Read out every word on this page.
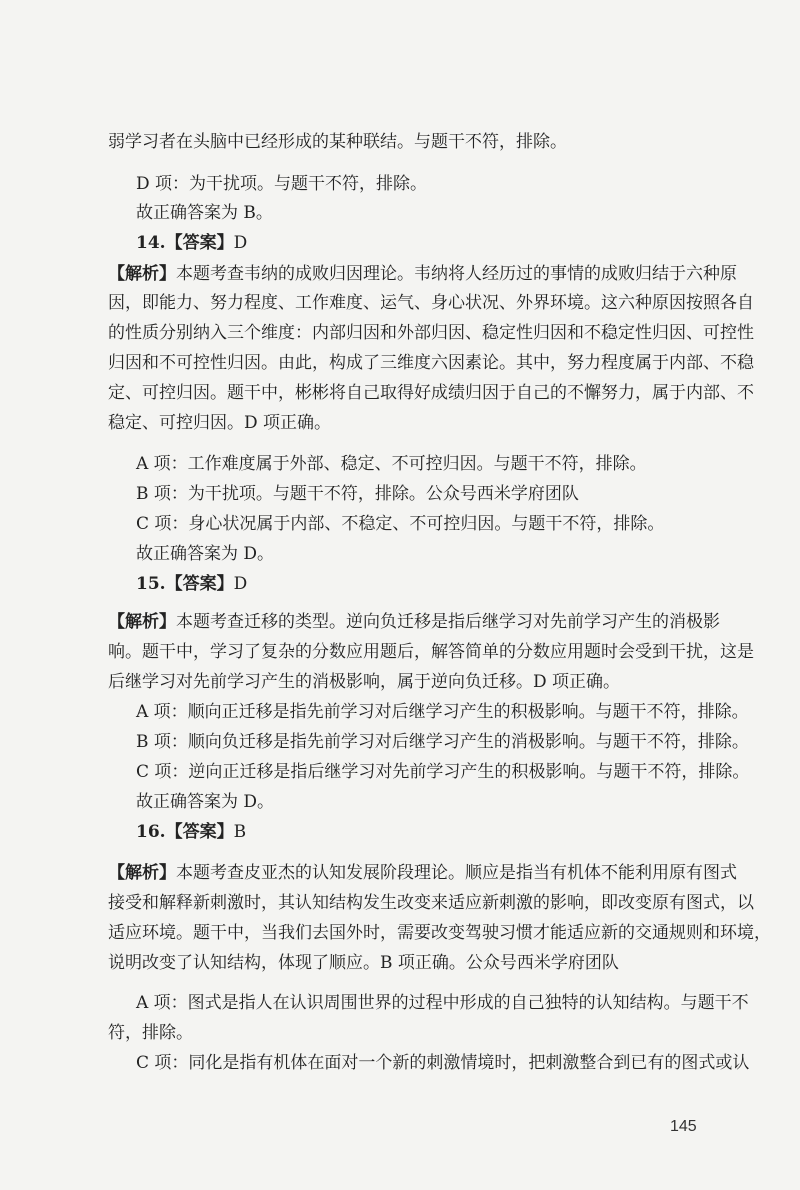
弱学习者在头脑中已经形成的某种联结。与题干不符，排除。
D 项：为干扰项。与题干不符，排除。
故正确答案为 B。
14.【答案】D
【解析】本题考查韦纳的成败归因理论。韦纳将人经历过的事情的成败归结于六种原
因，即能力、努力程度、工作难度、运气、身心状况、外界环境。这六种原因按照各自
的性质分别纳入三个维度：内部归因和外部归因、稳定性归因和不稳定性归因、可控性
归因和不可控性归因。由此，构成了三维度六因素论。其中，努力程度属于内部、不稳
定、可控归因。题干中，彬彬将自己取得好成绩归因于自己的不懈努力，属于内部、不
稳定、可控归因。D 项正确。
A 项：工作难度属于外部、稳定、不可控归因。与题干不符，排除。
B 项：为干扰项。与题干不符，排除。公众号西米学府团队
C 项：身心状况属于内部、不稳定、不可控归因。与题干不符，排除。
故正确答案为 D。
15.【答案】D
【解析】本题考查迁移的类型。逆向负迁移是指后继学习对先前学习产生的消极影
响。题干中，学习了复杂的分数应用题后，解答简单的分数应用题时会受到干扰，这是
后继学习对先前学习产生的消极影响，属于逆向负迁移。D 项正确。
A 项：顺向正迁移是指先前学习对后继学习产生的积极影响。与题干不符，排除。
B 项：顺向负迁移是指先前学习对后继学习产生的消极影响。与题干不符，排除。
C 项：逆向正迁移是指后继学习对先前学习产生的积极影响。与题干不符，排除。
故正确答案为 D。
16.【答案】B
【解析】本题考查皮亚杰的认知发展阶段理论。顺应是指当有机体不能利用原有图式
接受和解释新刺激时，其认知结构发生改变来适应新刺激的影响，即改变原有图式，以
适应环境。题干中，当我们去国外时，需要改变驾驶习惯才能适应新的交通规则和环境，
说明改变了认知结构，体现了顺应。B 项正确。公众号西米学府团队
A 项：图式是指人在认识周围世界的过程中形成的自己独特的认知结构。与题干不
符，排除。
C 项：同化是指有机体在面对一个新的刺激情境时，把刺激整合到已有的图式或认
145
